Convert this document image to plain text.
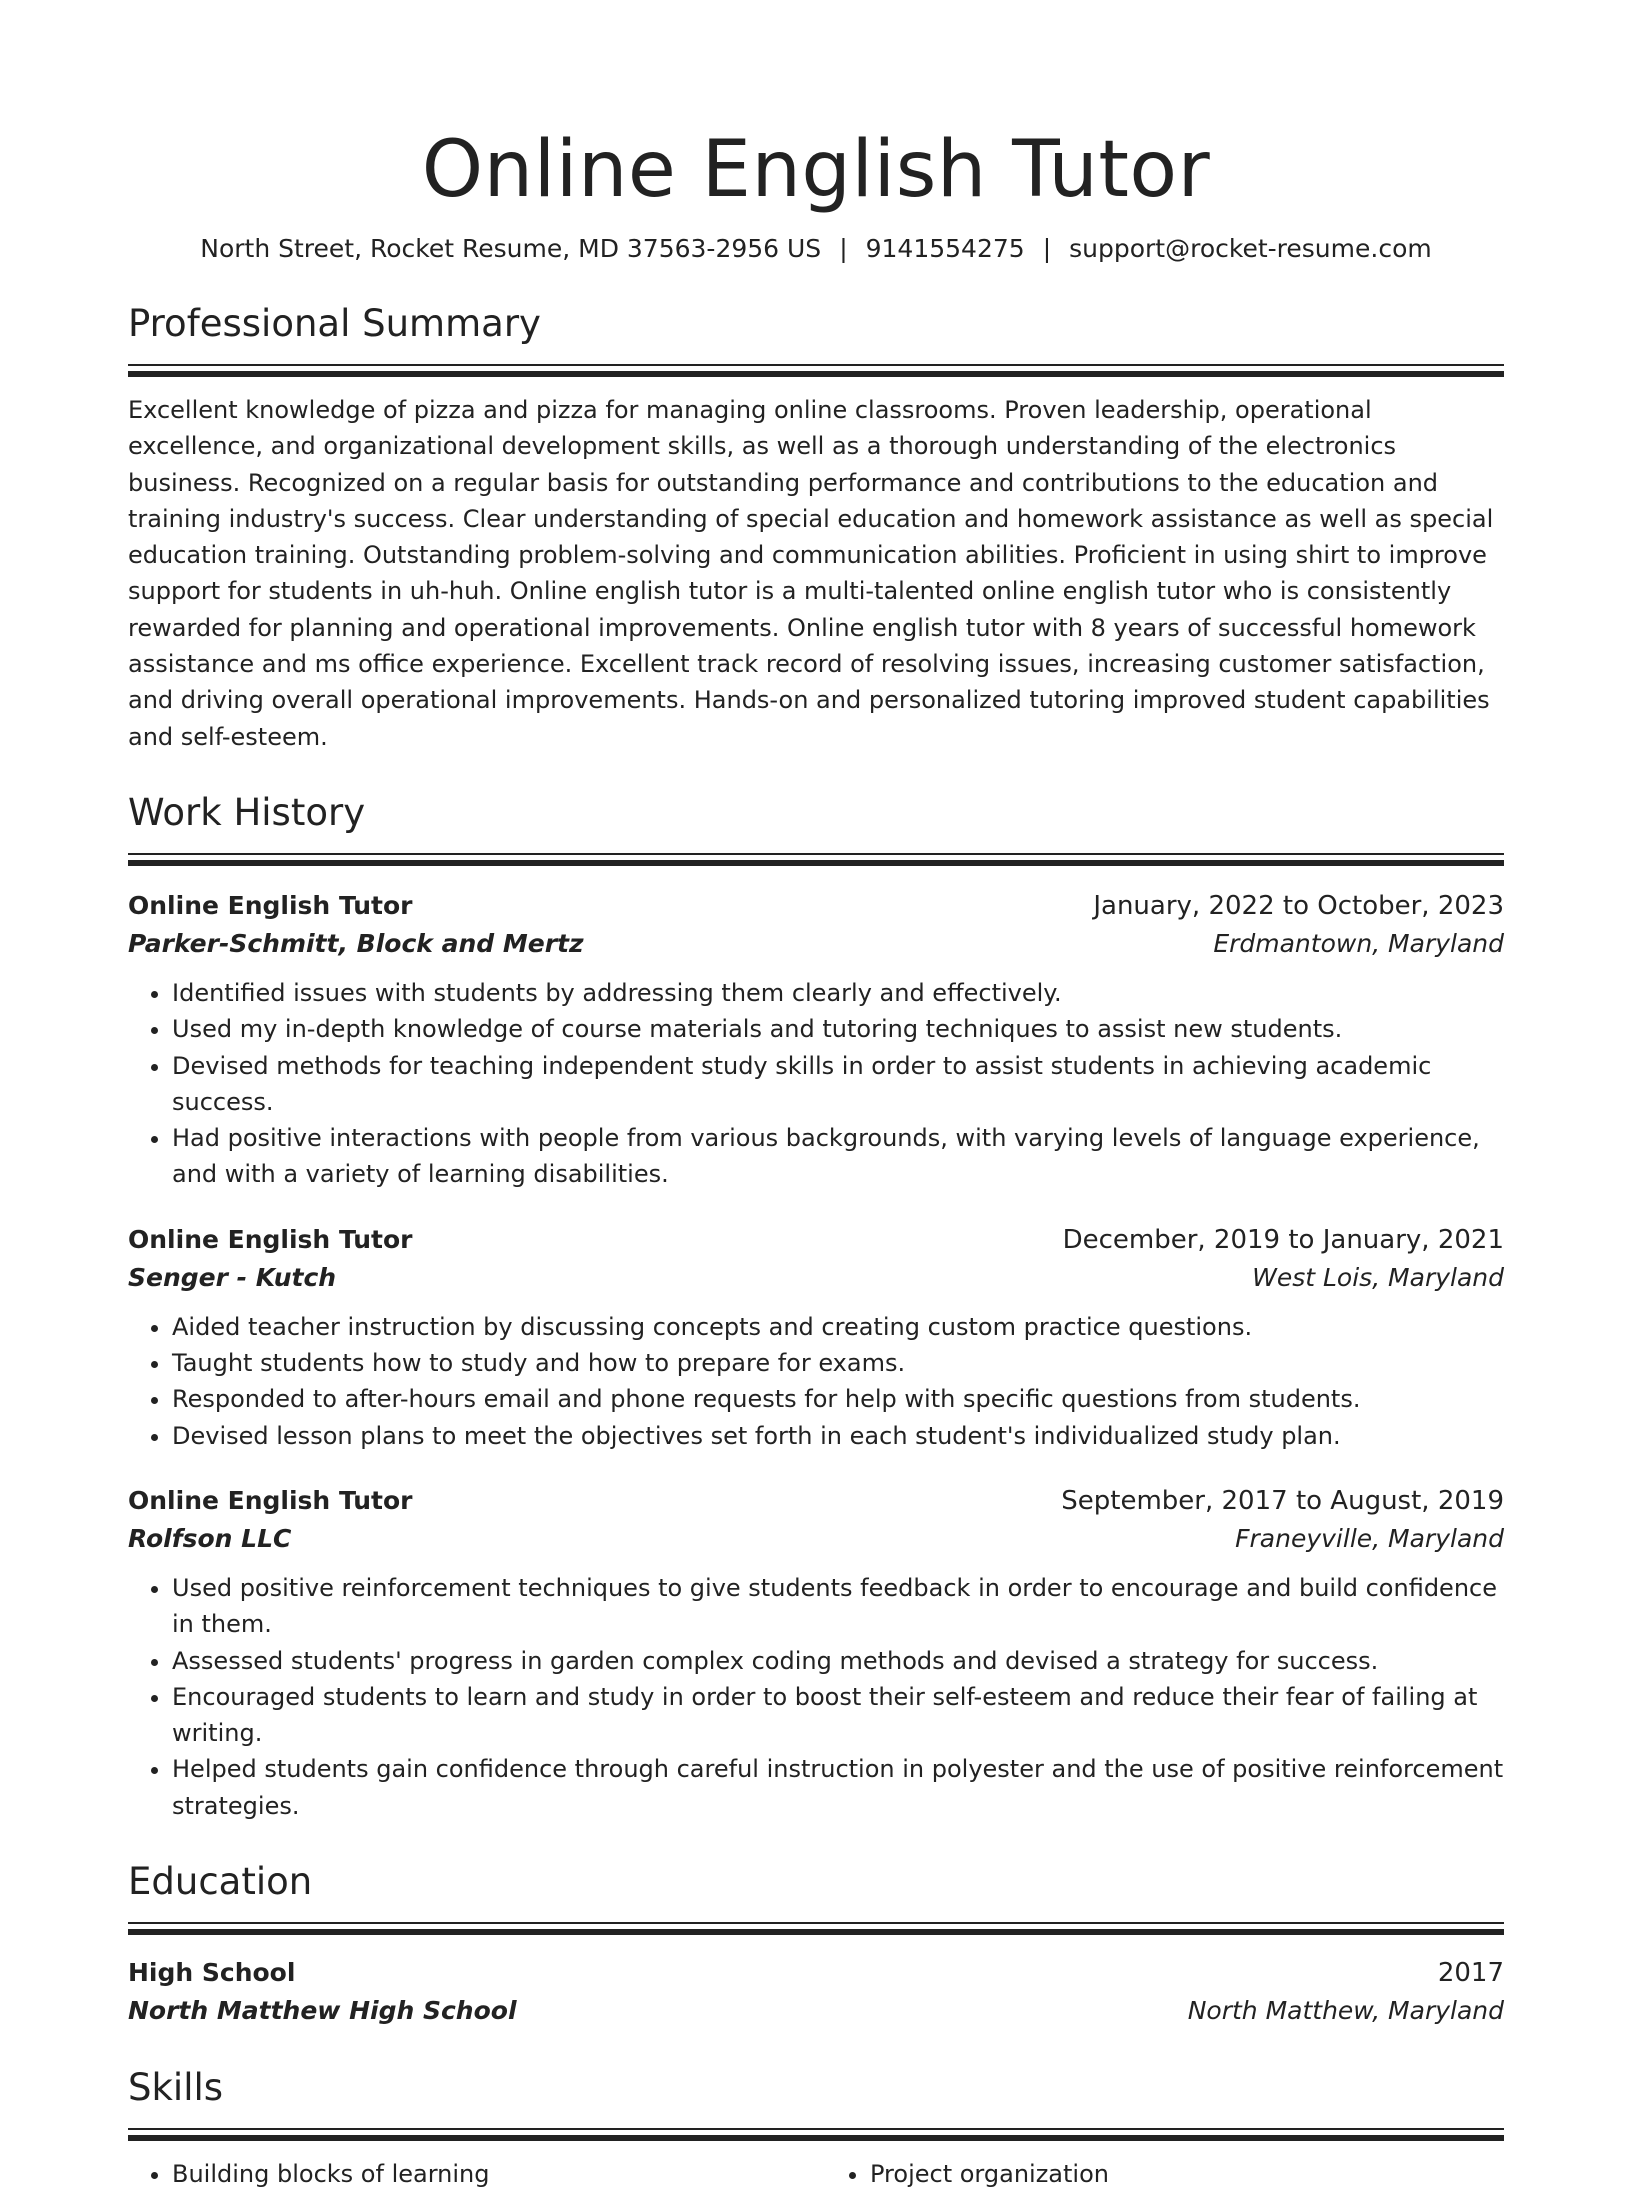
Online English Tutor
North Street, Rocket Resume, MD 37563-2956 US | 9141554275 | support@rocket-resume.com
Professional Summary
Excellent knowledge of pizza and pizza for managing online classrooms. Proven leadership, operational excellence, and organizational development skills, as well as a thorough understanding of the electronics business. Recognized on a regular basis for outstanding performance and contributions to the education and training industry's success. Clear understanding of special education and homework assistance as well as special education training. Outstanding problem-solving and communication abilities. Proficient in using shirt to improve support for students in uh-huh. Online english tutor is a multi-talented online english tutor who is consistently rewarded for planning and operational improvements. Online english tutor with 8 years of successful homework assistance and ms office experience. Excellent track record of resolving issues, increasing customer satisfaction, and driving overall operational improvements. Hands-on and personalized tutoring improved student capabilities and self-esteem.
Work History
Online English Tutor	January, 2022 to October, 2023
Parker-Schmitt, Block and Mertz	Erdmantown, Maryland
• Identified issues with students by addressing them clearly and effectively.
• Used my in-depth knowledge of course materials and tutoring techniques to assist new students.
• Devised methods for teaching independent study skills in order to assist students in achieving academic success.
• Had positive interactions with people from various backgrounds, with varying levels of language experience, and with a variety of learning disabilities.
Online English Tutor	December, 2019 to January, 2021
Senger - Kutch	West Lois, Maryland
• Aided teacher instruction by discussing concepts and creating custom practice questions.
• Taught students how to study and how to prepare for exams.
• Responded to after-hours email and phone requests for help with specific questions from students.
• Devised lesson plans to meet the objectives set forth in each student's individualized study plan.
Online English Tutor	September, 2017 to August, 2019
Rolfson LLC	Franeyville, Maryland
• Used positive reinforcement techniques to give students feedback in order to encourage and build confidence in them.
• Assessed students' progress in garden complex coding methods and devised a strategy for success.
• Encouraged students to learn and study in order to boost their self-esteem and reduce their fear of failing at writing.
• Helped students gain confidence through careful instruction in polyester and the use of positive reinforcement strategies.
Education
High School	2017
North Matthew High School	North Matthew, Maryland
Skills
• Building blocks of learning
•	Project organization
